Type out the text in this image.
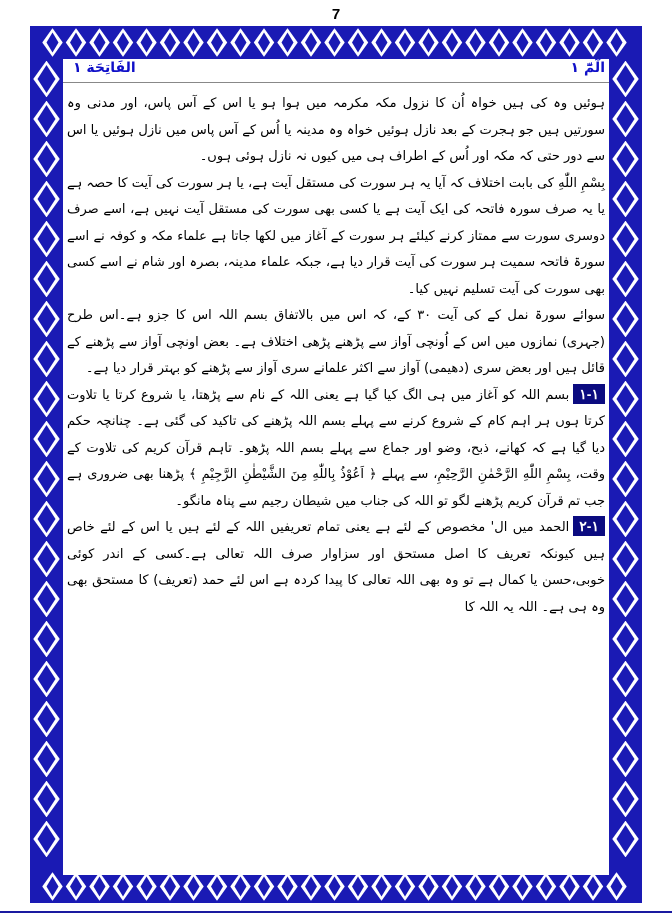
7
الٓمّٓ ١
الفَاتِحَة ١

ہوئیں وہ کی ہیں خواہ اُن کا نزول مکہ مکرمہ میں ہوا ہو یا اس کے آس پاس، اور مدنی وہ سورتیں ہیں جو ہجرت کے بعد نازل ہوئیں خواہ وہ مدینہ یا اُس کے آس پاس میں نازل ہوئیں یا اس سے دور حتی کہ مکہ اور اُس کے اطراف ہی میں کیوں نہ نازل ہوئی ہوں۔

بِسْمِ اللّٰهِ کی بابت اختلاف کہ آیا یہ ہر سورت کی مستقل آیت ہے، یا ہر سورت کی آیت کا حصہ ہے یا یہ صرف سورہ فاتحہ کی ایک آیت ہے یا کسی بھی سورت کی مستقل آیت نہیں ہے، اسے صرف دوسری سورت سے ممتاز کرنے کیلئے ہر سورت کے آغاز میں لکھا جاتا ہے علماء مکہ و کوفہ نے اسے سورۃ فاتحہ سمیت ہر سورت کی آیت قرار دیا ہے، جبکہ علماء مدینہ، بصرہ اور شام نے اسے کسی بھی سورت کی آیت تسلیم نہیں کیا۔

سوائے سورۃ نمل کے کی آیت ۳۰ کے، کہ اس میں بالاتفاق بسم اللہ اس کا جزو ہے۔اس طرح (جہری) نمازوں میں اس کے اُونچی آواز سے پڑھنے پڑھی اختلاف ہے۔ بعض اونچی آواز سے پڑھنے کے قائل ہیں اور بعض سری (دھیمی) آواز سے اکثر علمانے سری آواز سے پڑھنے کو بہتر قرار دیا ہے۔

١-١بسم اللہ کو آغاز میں ہی الگ کیا گیا ہے یعنی اللہ کے نام سے پڑھتا، یا شروع کرتا یا تلاوت کرتا ہوں ہر اہم کام کے شروع کرنے سے پہلے بسم اللہ پڑھنے کی تاکید کی گئی ہے۔ چنانچہ حکم دیا گیا ہے کہ کھانے، ذبح، وضو اور جماع سے پہلے بسم اللہ پڑھو۔ تاہم قرآن کریم کی تلاوت کے وقت، بِسْمِ اللّٰهِ الرَّحْمٰنِ الرَّحِيْمِ، سے پہلے ﴿ اَعُوْذُ بِاللّٰهِ مِنَ الشَّيْطٰنِ الرَّجِيْمِ ﴾ پڑھنا بھی ضروری ہے جب تم قرآن کریم پڑھنے لگو تو اللہ کی جناب میں شیطان رجیم سے پناہ مانگو۔

١-٢الحمد میں ال' مخصوص کے لئے ہے یعنی تمام تعریفیں اللہ کے لئے ہیں یا اس کے لئے خاص ہیں کیونکہ تعریف کا اصل مستحق اور سزاوار صرف اللہ تعالی ہے۔کسی کے اندر کوئی خوبی،حسن یا کمال ہے تو وہ بھی اللہ تعالی کا پیدا کردہ ہے اس لئے حمد (تعریف) کا مستحق بھی وہ ہی ہے۔ اللہ یہ اللہ کا
